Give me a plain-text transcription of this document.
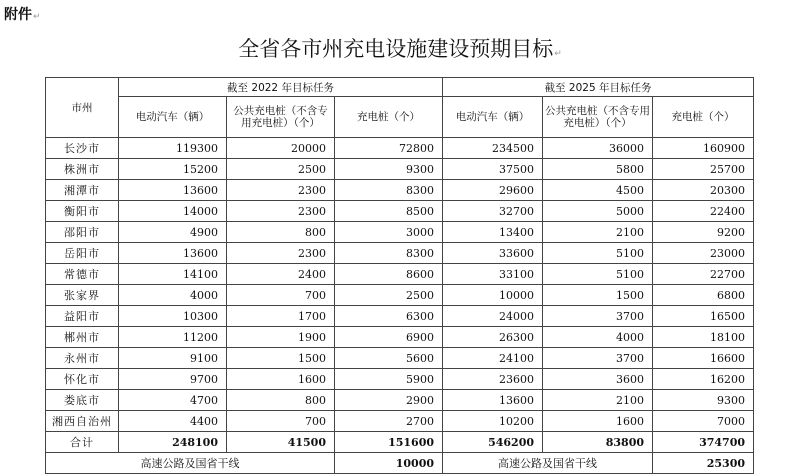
附件↵
全省各市州充电设施建设预期目标↵
市州	截至 2022 年目标任务			截至 2025 年目标任务		
	电动汽车（辆）	公共充电桩（不含专用充电桩）（个）	充电桩（个）	电动汽车（辆）	公共充电桩（不含专用充电桩）（个）	充电桩（个）
长沙市	119300	20000	72800	234500	36000	160900
株洲市	15200	2500	9300	37500	5800	25700
湘潭市	13600	2300	8300	29600	4500	20300
衡阳市	14000	2300	8500	32700	5000	22400
邵阳市	4900	800	3000	13400	2100	9200
岳阳市	13600	2300	8300	33600	5100	23000
常德市	14100	2400	8600	33100	5100	22700
张家界	4000	700	2500	10000	1500	6800
益阳市	10300	1700	6300	24000	3700	16500
郴州市	11200	1900	6900	26300	4000	18100
永州市	9100	1500	5600	24100	3700	16600
怀化市	9700	1600	5900	23600	3600	16200
娄底市	4700	800	2900	13600	2100	9300
湘西自治州	4400	700	2700	10200	1600	7000
合计	248100	41500	151600	546200	83800	374700
高速公路及国省干线			10000	高速公路及国省干线		25300
